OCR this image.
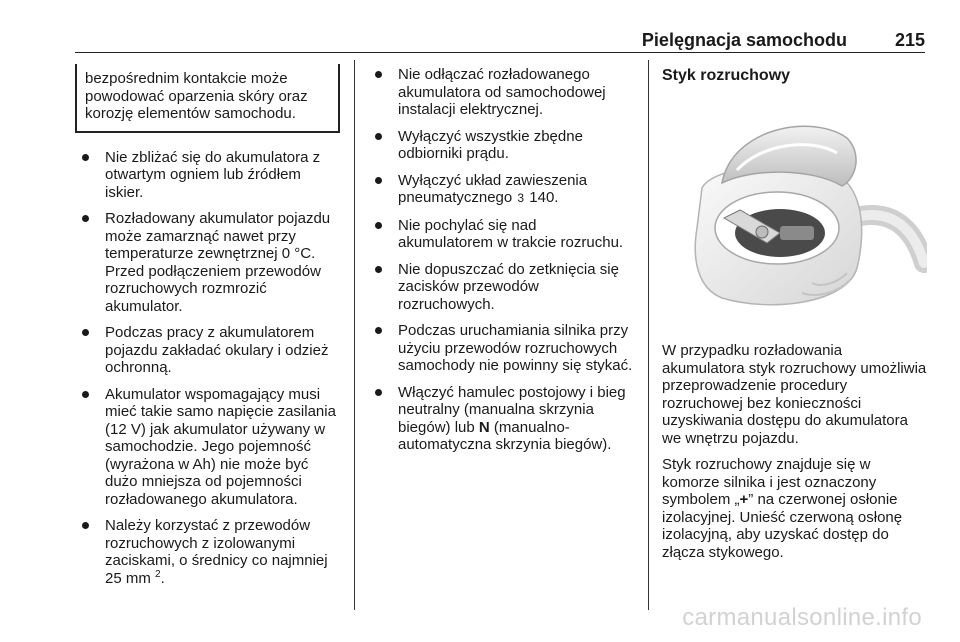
Pielęgnacja samochodu	215
bezpośrednim kontakcie może powodować oparzenia skóry oraz korozję elementów samochodu.
Nie zbliżać się do akumulatora z otwartym ogniem lub źródłem iskier.
Rozładowany akumulator pojazdu może zamarznąć nawet przy temperaturze zewnętrznej 0 °C. Przed podłączeniem przewodów rozruchowych rozmrozić akumulator.
Podczas pracy z akumulatorem pojazdu zakładać okulary i odzież ochronną.
Akumulator wspomagający musi mieć takie samo napięcie zasilania (12 V) jak akumulator używany w samochodzie. Jego pojemność (wyrażona w Ah) nie może być dużo mniejsza od pojemności rozładowanego akumulatora.
Należy korzystać z przewodów rozruchowych z izolowanymi zaciskami, o średnicy co najmniej 25 mm $^2$.
Nie odłączać rozładowanego akumulatora od samochodowej instalacji elektrycznej.
Wyłączyć wszystkie zbędne odbiorniki prądu.
Wyłączyć układ zawieszenia pneumatycznego 3 140.
Nie pochylać się nad akumulatorem w trakcie rozruchu.
Nie dopuszczać do zetknięcia się zacisków przewodów rozruchowych.
Podczas uruchamiania silnika przy użyciu przewodów rozruchowych samochody nie powinny się stykać.
Włączyć hamulec postojowy i bieg neutralny (manualna skrzynia biegów) lub N (manualno-automatyczna skrzynia biegów).
Styk rozruchowy

W przypadku rozładowania akumulatora styk rozruchowy umożliwia przeprowadzenie procedury rozruchowej bez konieczności uzyskiwania dostępu do akumulatora we wnętrzu pojazdu.

Styk rozruchowy znajduje się w komorze silnika i jest oznaczony symbolem „+” na czerwonej osłonie izolacyjnej. Unieść czerwoną osłonę izolacyjną, aby uzyskać dostęp do złącza stykowego.

carmanualsonline.info
